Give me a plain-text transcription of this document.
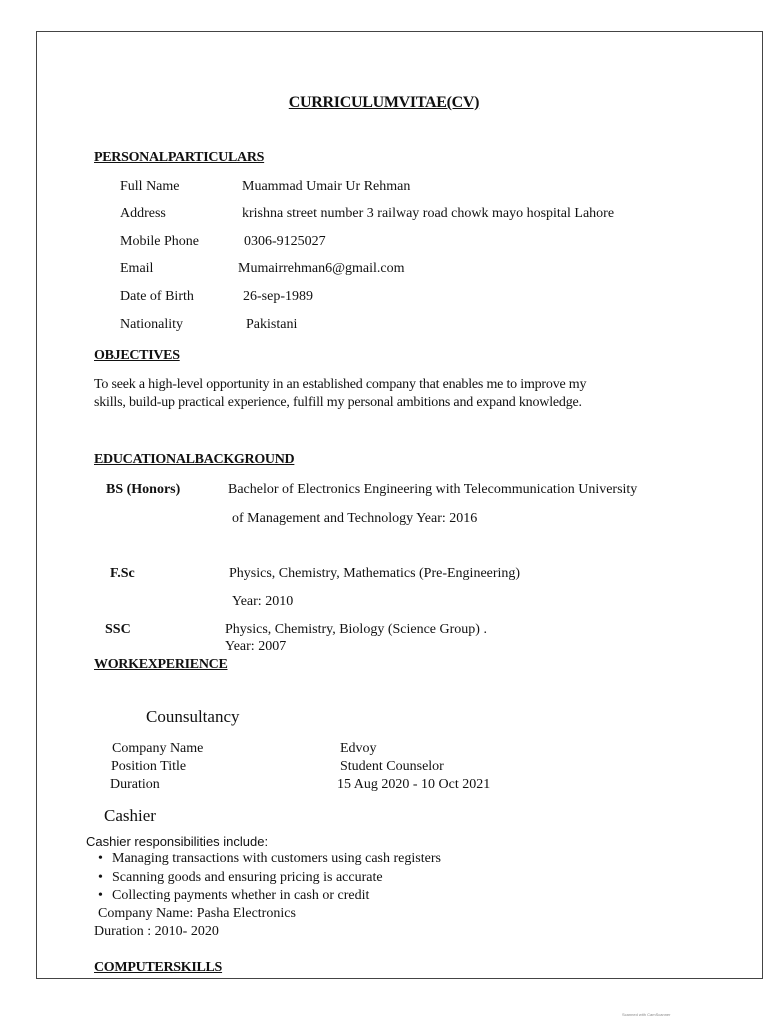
CURRICULUMVITAE(CV)
PERSONALPARTICULARS
Full Name	Muammad Umair Ur Rehman
Address	krishna street number 3 railway road chowk mayo hospital Lahore
Mobile Phone	0306-9125027
Email	Mumairrehman6@gmail.com
Date of Birth	26-sep-1989
Nationality	Pakistani
OBJECTIVES
To seek a high-level opportunity in an established company that enables me to improve my
skills, build-up practical experience, fulfill my personal ambitions and expand knowledge.
EDUCATIONALBACKGROUND
BS (Honors)	Bachelor of Electronics Engineering with Telecommunication University
of Management and Technology Year: 2016
F.Sc	Physics, Chemistry, Mathematics (Pre-Engineering)
Year: 2010
SSC	Physics, Chemistry, Biology (Science Group) .
Year: 2007
WORKEXPERIENCE
Counsultancy
Company Name	Edvoy
Position Title	Student Counselor
Duration	15 Aug 2020 - 10 Oct 2021
Cashier
Cashier responsibilities include:
• Managing transactions with customers using cash registers
• Scanning goods and ensuring pricing is accurate
• Collecting payments whether in cash or credit
Company Name: Pasha Electronics
Duration : 2010- 2020
COMPUTERSKILLS
Scanned with CamScanner
